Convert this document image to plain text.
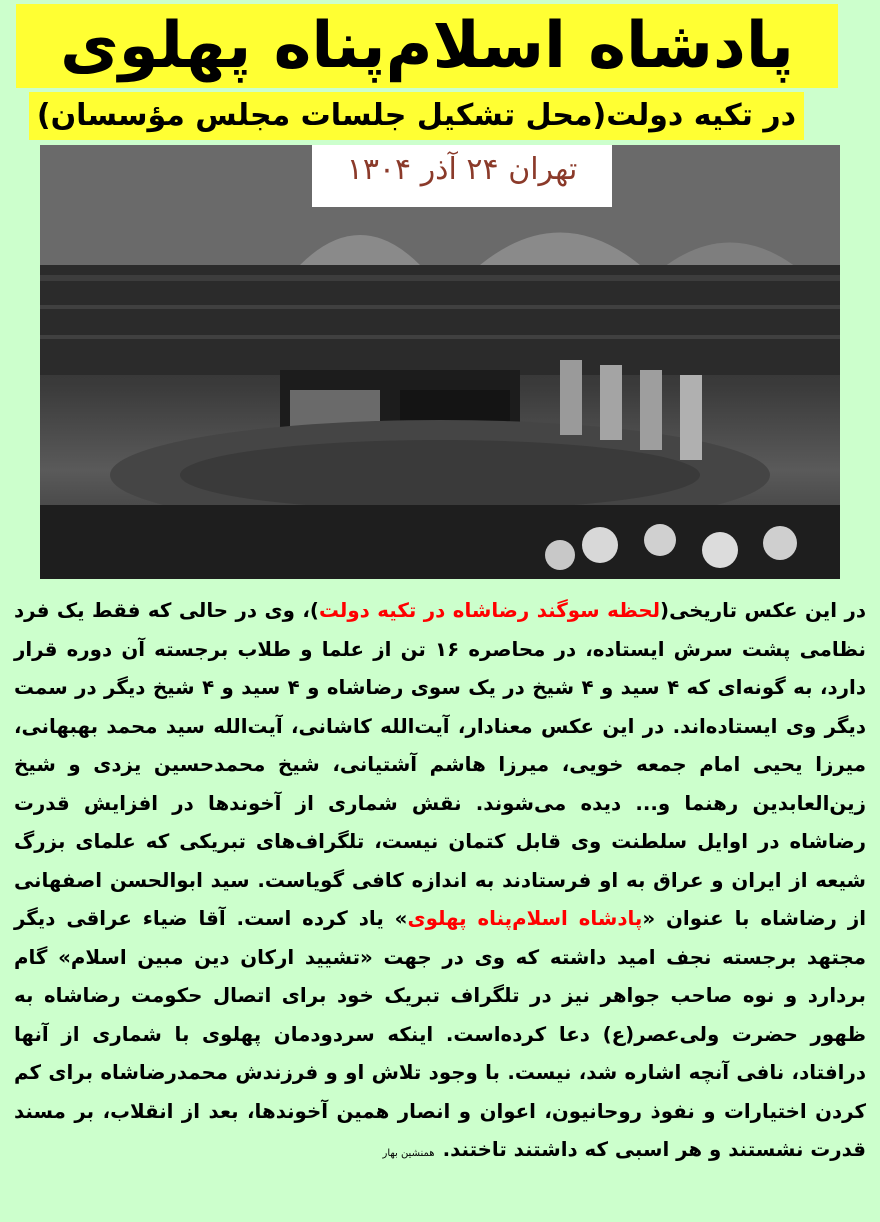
پادشاه اسلام‌پناه پهلوی
در تکیه دولت(محل تشکیل جلسات مجلس مؤسسان)
تهران ۲۴ آذر ۱۳۰۴
در این عکس تاریخی(لحظه سوگند رضاشاه در تکیه دولت)، وی در حالی که فقط یک فرد نظامی پشت سرش ایستاده، در محاصره ۱۶ تن از علما و طلاب برجسته آن دوره قرار دارد، به گونه‌ای که ۴ سید و ۴ شیخ در یک سوی رضاشاه و ۴ سید و ۴ شیخ دیگر در سمت دیگر وی ایستاده‌اند. در این عکس معنادار، آیت‌الله کاشانی، آیت‌الله سید محمد بهبهانی، میرزا یحیی امام جمعه خویی، میرزا هاشم آشتیانی، شیخ محمدحسین یزدی و شیخ زین‌العابدین رهنما و... دیده می‌شوند. نقش شماری از آخوندها در افزایش قدرت رضاشاه در اوایل سلطنت وی قابل کتمان نیست، تلگراف‌های تبریکی که علمای بزرگ شیعه از ایران و عراق به او فرستادند به اندازه کافی گویاست. سید ابوالحسن اصفهانی از رضاشاه با عنوان «پادشاه اسلام‌پناه پهلوی» یاد کرده است. آقا ضیاء عراقی دیگر مجتهد برجسته نجف امید داشته که وی در جهت «تشیید ارکان دین مبین اسلام» گام بردارد و نوه صاحب جواهر نیز در تلگراف تبریک خود برای اتصال حکومت رضاشاه به ظهور حضرت ولی‌عصر(ع) دعا کرده‌است. اینکه سردودمان پهلوی با شماری از آنها درافتاد، نافی آنچه اشاره شد، نیست. با وجود تلاش او و فرزندش محمدرضاشاه برای کم کردن اختیارات و نفوذ روحانیون، اعوان و انصار همین آخوندها، بعد از انقلاب، بر مسند قدرت نشستند و هر اسبی که داشتند تاختند.همنشین بهار
